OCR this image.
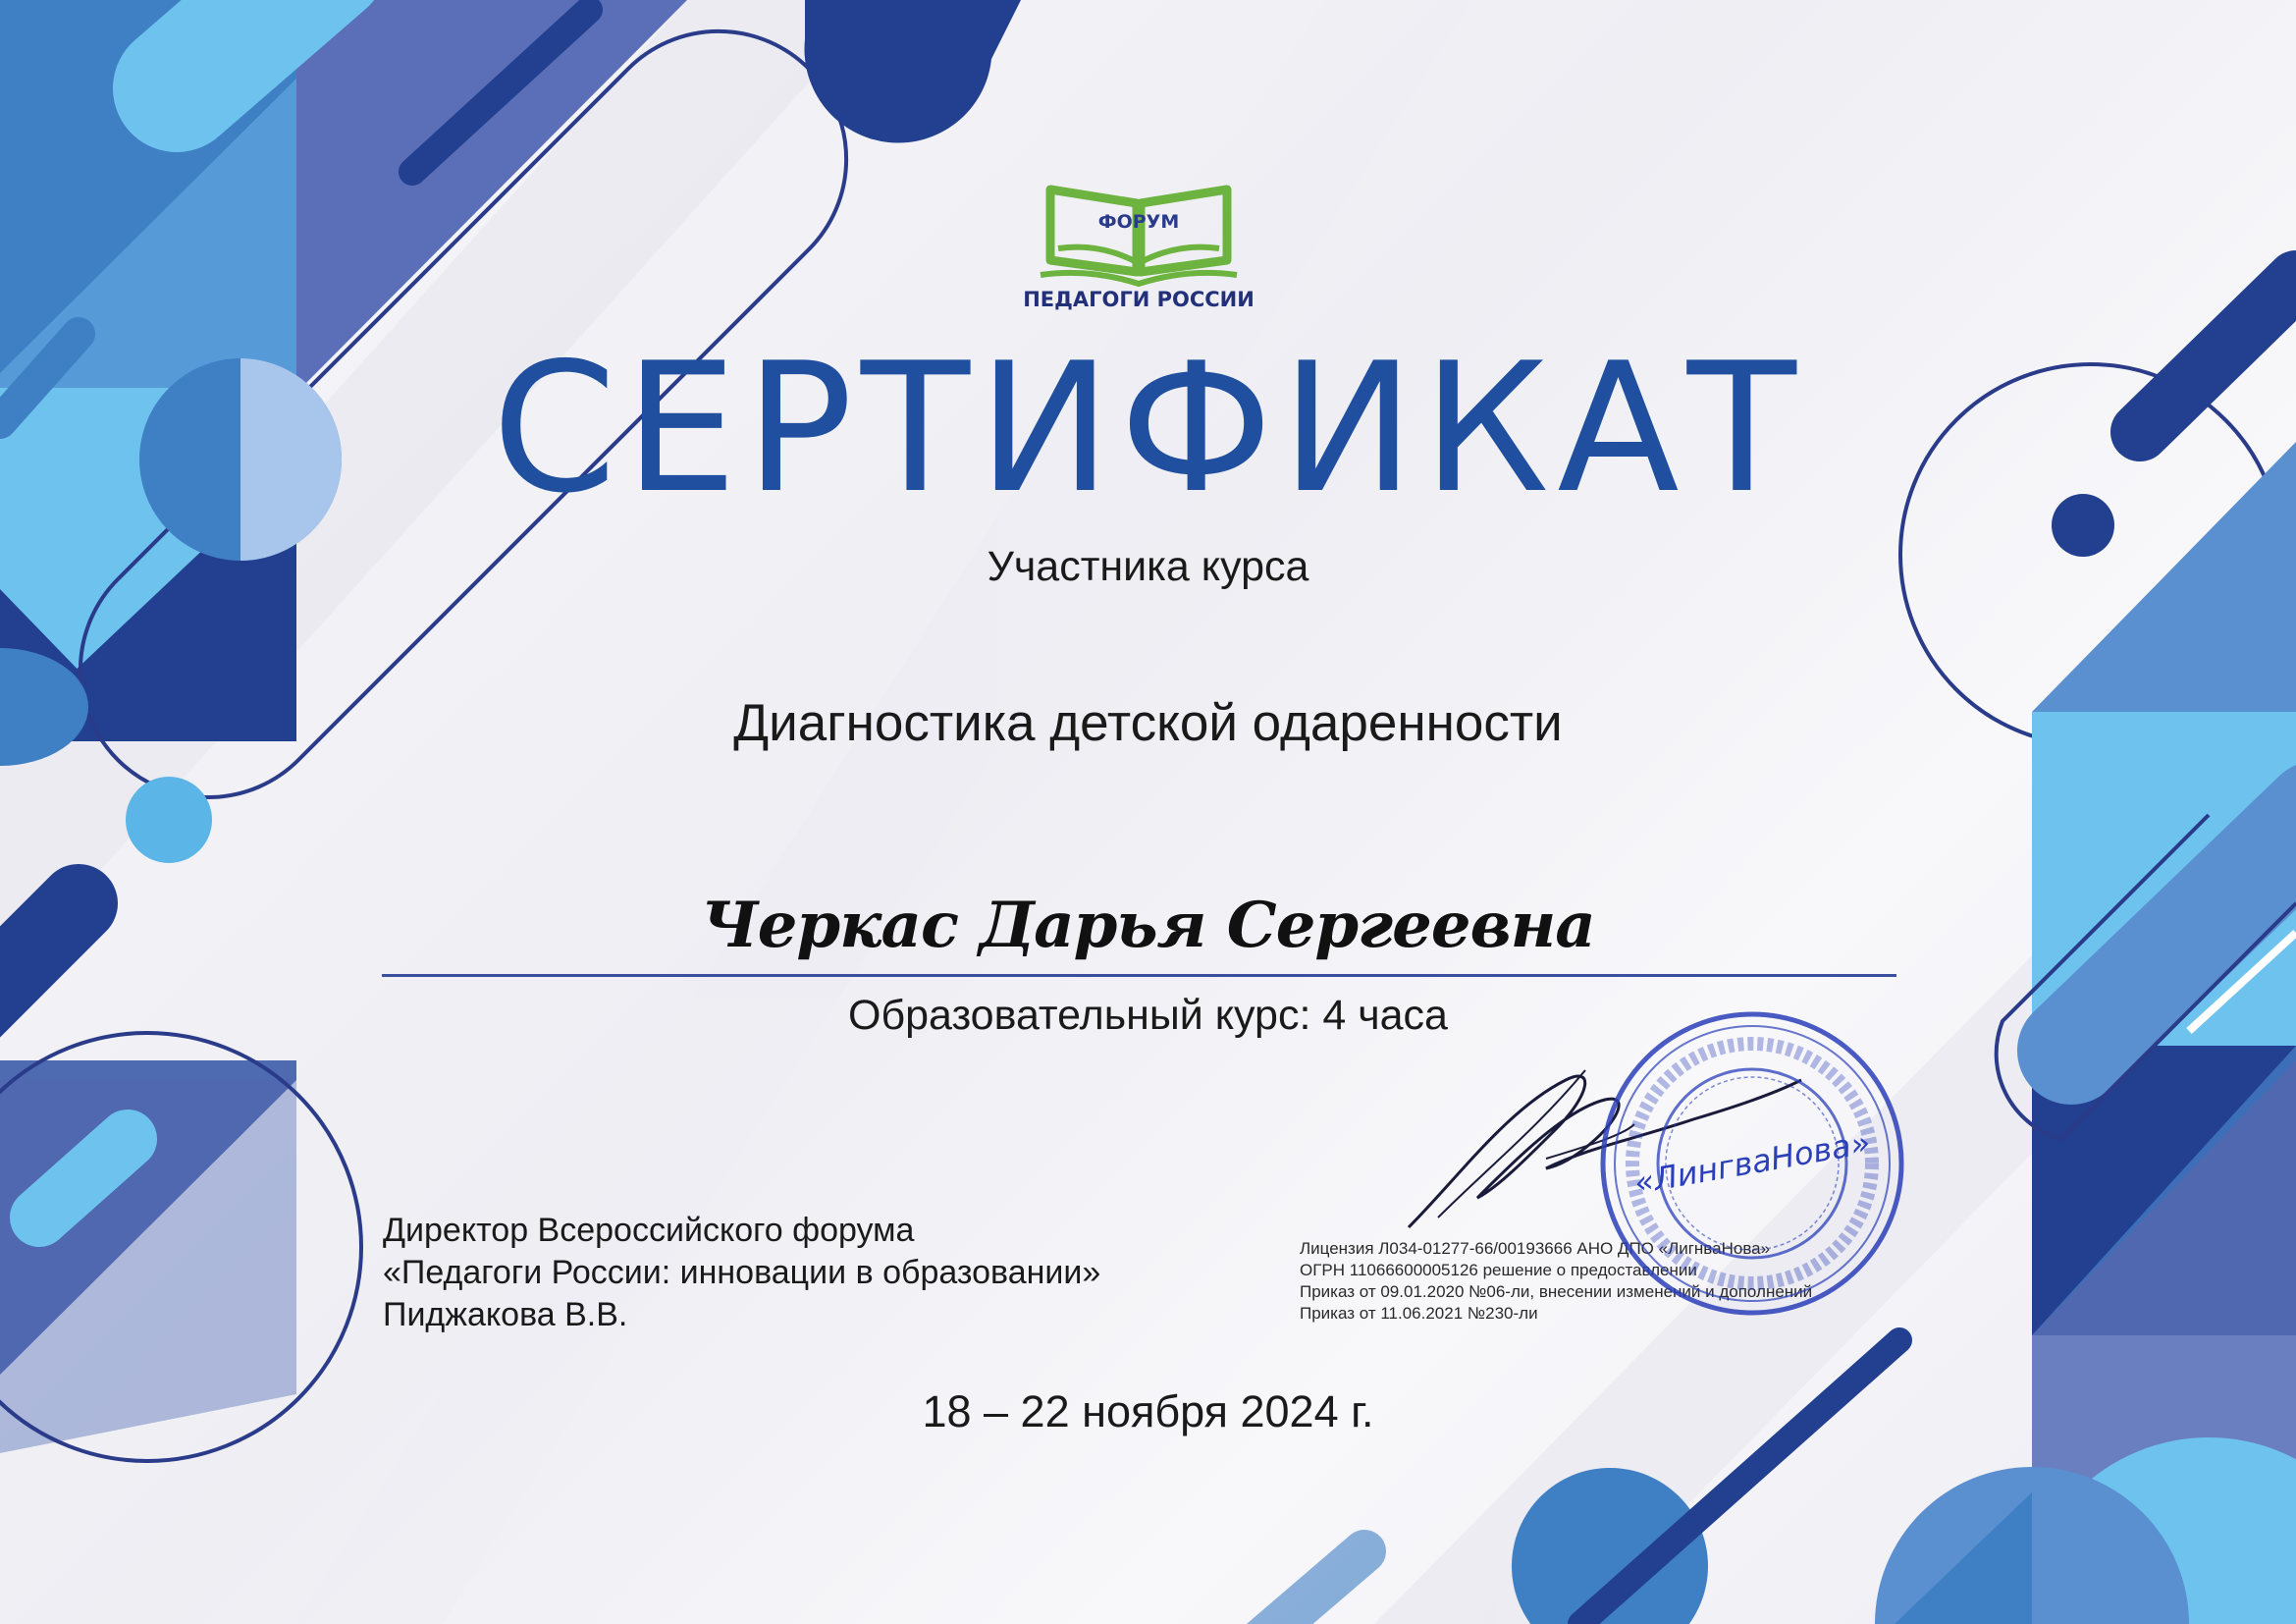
ФОРУМ
ПЕДАГОГИ РОССИИ
СЕРТИФИКАТ
Участника курса
Диагностика детской одаренности
Черкас Дарья Сергеевна
Образовательный курс: 4 часа
Директор Всероссийского форума
«Педагоги России: инновации в образовании»
Пиджакова В.В.
Лицензия Л034-01277-66/00193666 АНО ДПО «ЛигнваНова»
ОГРН 11066600005126 решение о предоставлении
Приказ от 09.01.2020 №06-ли, внесении изменений и дополнений
Приказ от 11.06.2021 №230-ли
«ЛингваНова»
18 – 22 ноября 2024 г.
